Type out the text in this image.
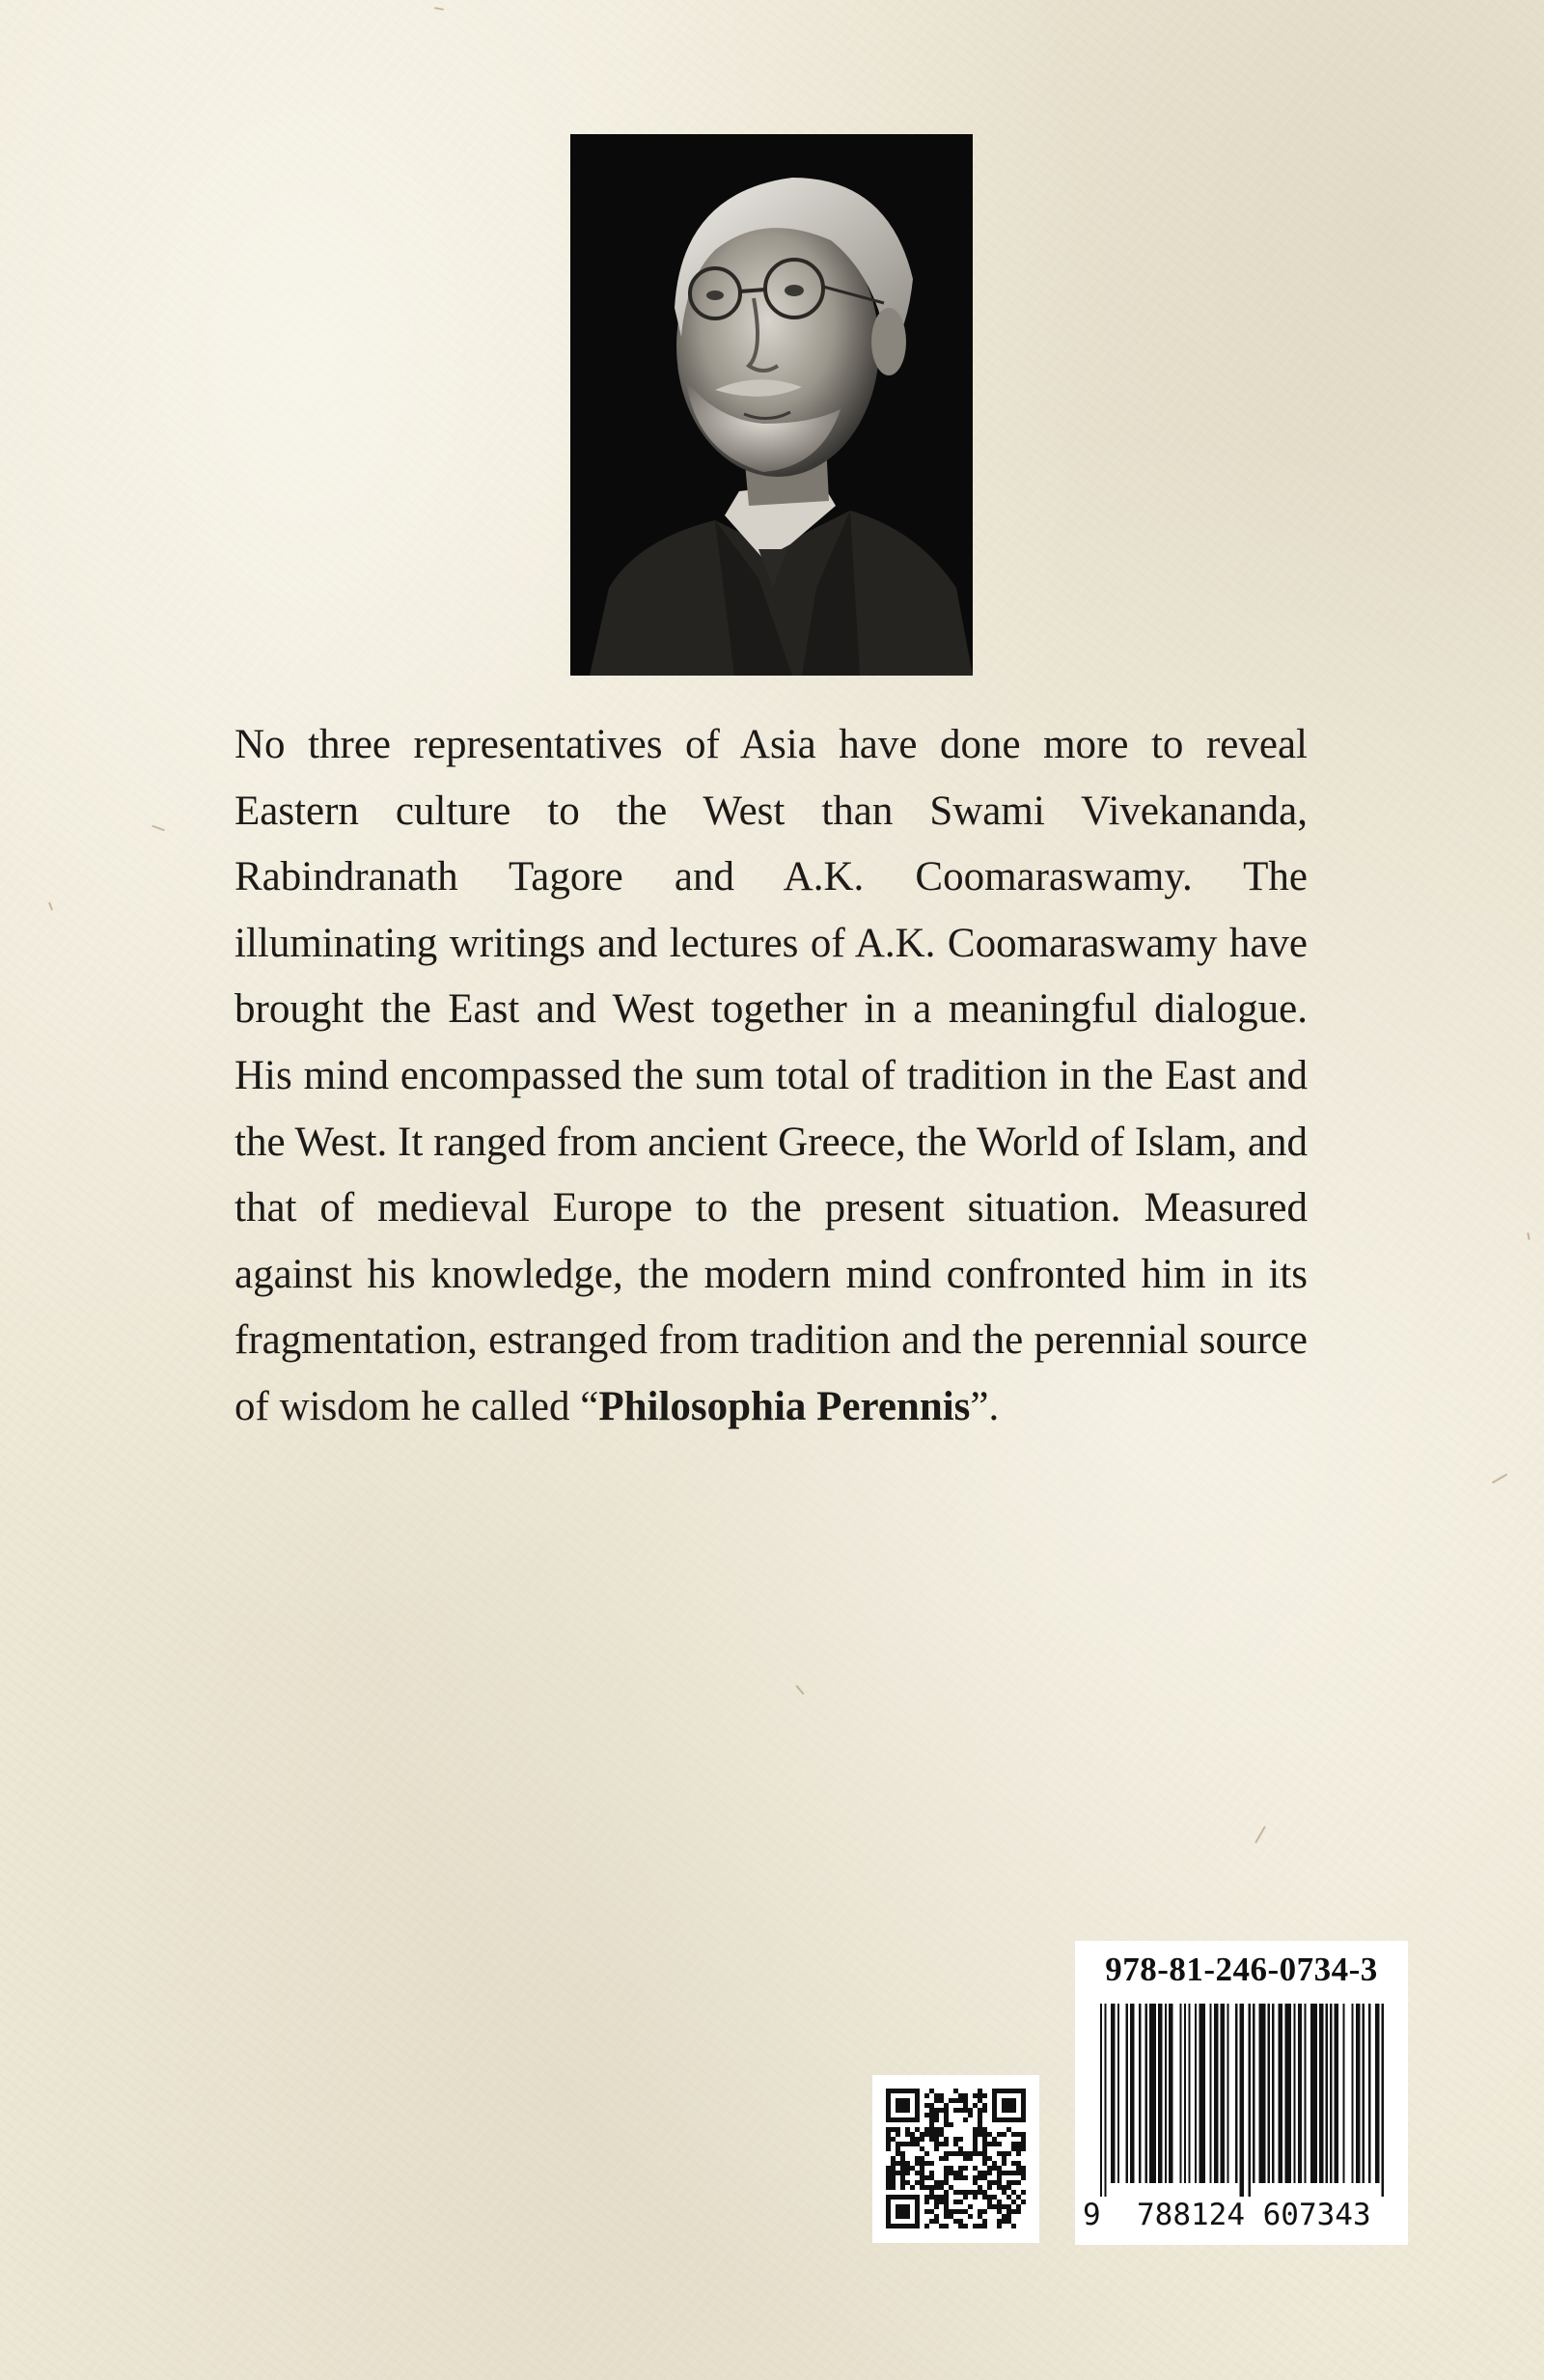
No three representatives of Asia have done more to reveal Eastern culture to the West than Swami Vivekananda, Rabindranath Tagore and A.K. Coomaraswamy. The illuminating writings and lectures of A.K. Coomaraswamy have brought the East and West together in a meaningful dialogue. His mind encompassed the sum total of tradition in the East and the West. It ranged from ancient Greece, the World of Islam, and that of medieval Europe to the present situation. Measured against his knowledge, the modern mind confronted him in its fragmentation, estranged from tradition and the perennial source of wisdom he called “Philosophia Perennis”.

978-81-246-0734-3
9 788124 607343
